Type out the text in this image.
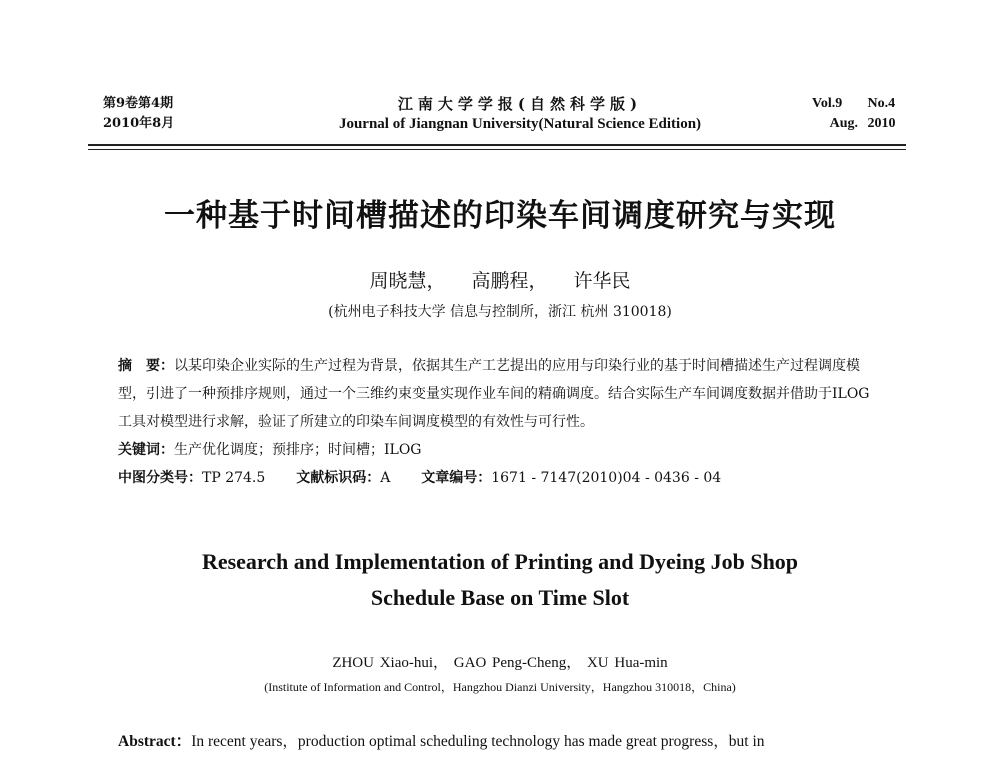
第9卷第4期
2010年8月
江南大学学报(自然科学版)
Journal of Jiangnan University(Natural Science Edition)
Vol.9 No.4
Aug. 2010
一种基于时间槽描述的印染车间调度研究与实现
周晓慧， 高鹏程， 许华民
(杭州电子科技大学 信息与控制所，浙江 杭州 310018)

摘　要：以某印染企业实际的生产过程为背景，依据其生产工艺提出的应用与印染行业的基于时间槽描述生产过程调度模型，引进了一种预排序规则，通过一个三维约束变量实现作业车间的精确调度。结合实际生产车间调度数据并借助于ILOG工具对模型进行求解，验证了所建立的印染车间调度模型的有效性与可行性。

关键词：生产优化调度；预排序；时间槽；ILOG

中图分类号：TP 274.5 文献标识码：A 文章编号：1671 - 7147(2010)04 - 0436 - 04

Research and Implementation of Printing and Dyeing Job Shop
Schedule Base on Time Slot
ZHOU Xiao-hui， GAO Peng-Cheng， XU Hua-min
(Institute of Information and Control，Hangzhou Dianzi University，Hangzhou 310018，China)
Abstract：In recent years，production optimal scheduling technology has made great progress，but in
